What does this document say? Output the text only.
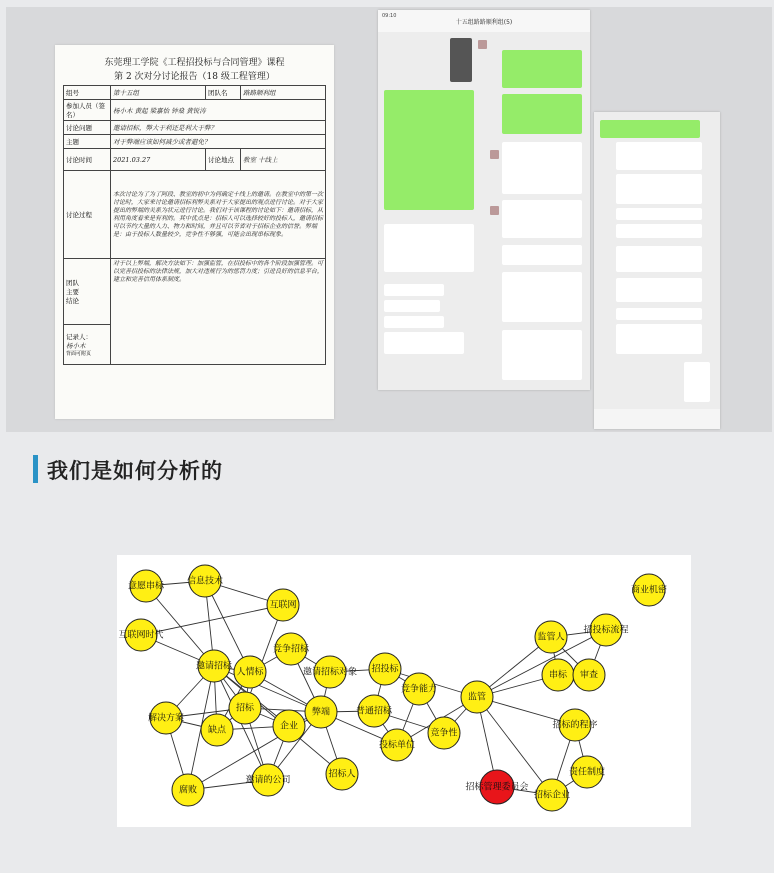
东莞理工学院《工程招投标与合同管理》课程
第 2 次对分讨论报告（18 级工程管理）
组号	第十五组	团队名	路路顺利组
参加人员（签名）	杨小木 黄起 梁嘉怡 钟燊 黄锐涛		
讨论问题	邀请招标，弊大于利还是利大于弊？		
主题	对于弊端应该如何减少或者避免？		
讨论时间	2021.03.27	讨论地点	教室 十线上
讨论过程	本次讨论为了为了阿段、教室的初中为何确定十线上的邀请。在教室中的第一次讨论时，大家来讨论邀请招标利弊关系对于大家提出的观点进行讨论。对于大家提出的弊端的关系为状元进行讨论。我们对于该课程的讨论如下：邀请招标，从利用角度看来是有利的。其中优点是：招标人可以选择较好的投标人，邀请招标可以节约大量的人力、物力和时间，并且可以节省对于招标企业的信誉。弊端是：由于投标人数量较少，竞争性不够强，可能会出现串标现象。		

团队
主要
结论	对于以上弊端，解决方法如下：加强监管，在招投标中的各个阶段加强管理。可以完善招投标的法律法规，加大对违规行为的惩罚力度；引进良好的信息平台，建立和完善信用体系制度。		

记录人：
杨小木
背面可附页			
十五组路路顺利组(5)
09:10
我们是如何分析的
意愿串标	信息技术
互联网
互联网时代
邀请招标
人情标
竞争招标
邀请招标对象 招投标
竞争能力
解决方案
缺点
招标
企业
弊端	普通招标
竞争性
投标单位
腐败
邀请的公司
招标人
监管
招标管理委员会
招标企业
监管人
招投标流程
串标 审查
招标的程序
责任制度
商业机密
